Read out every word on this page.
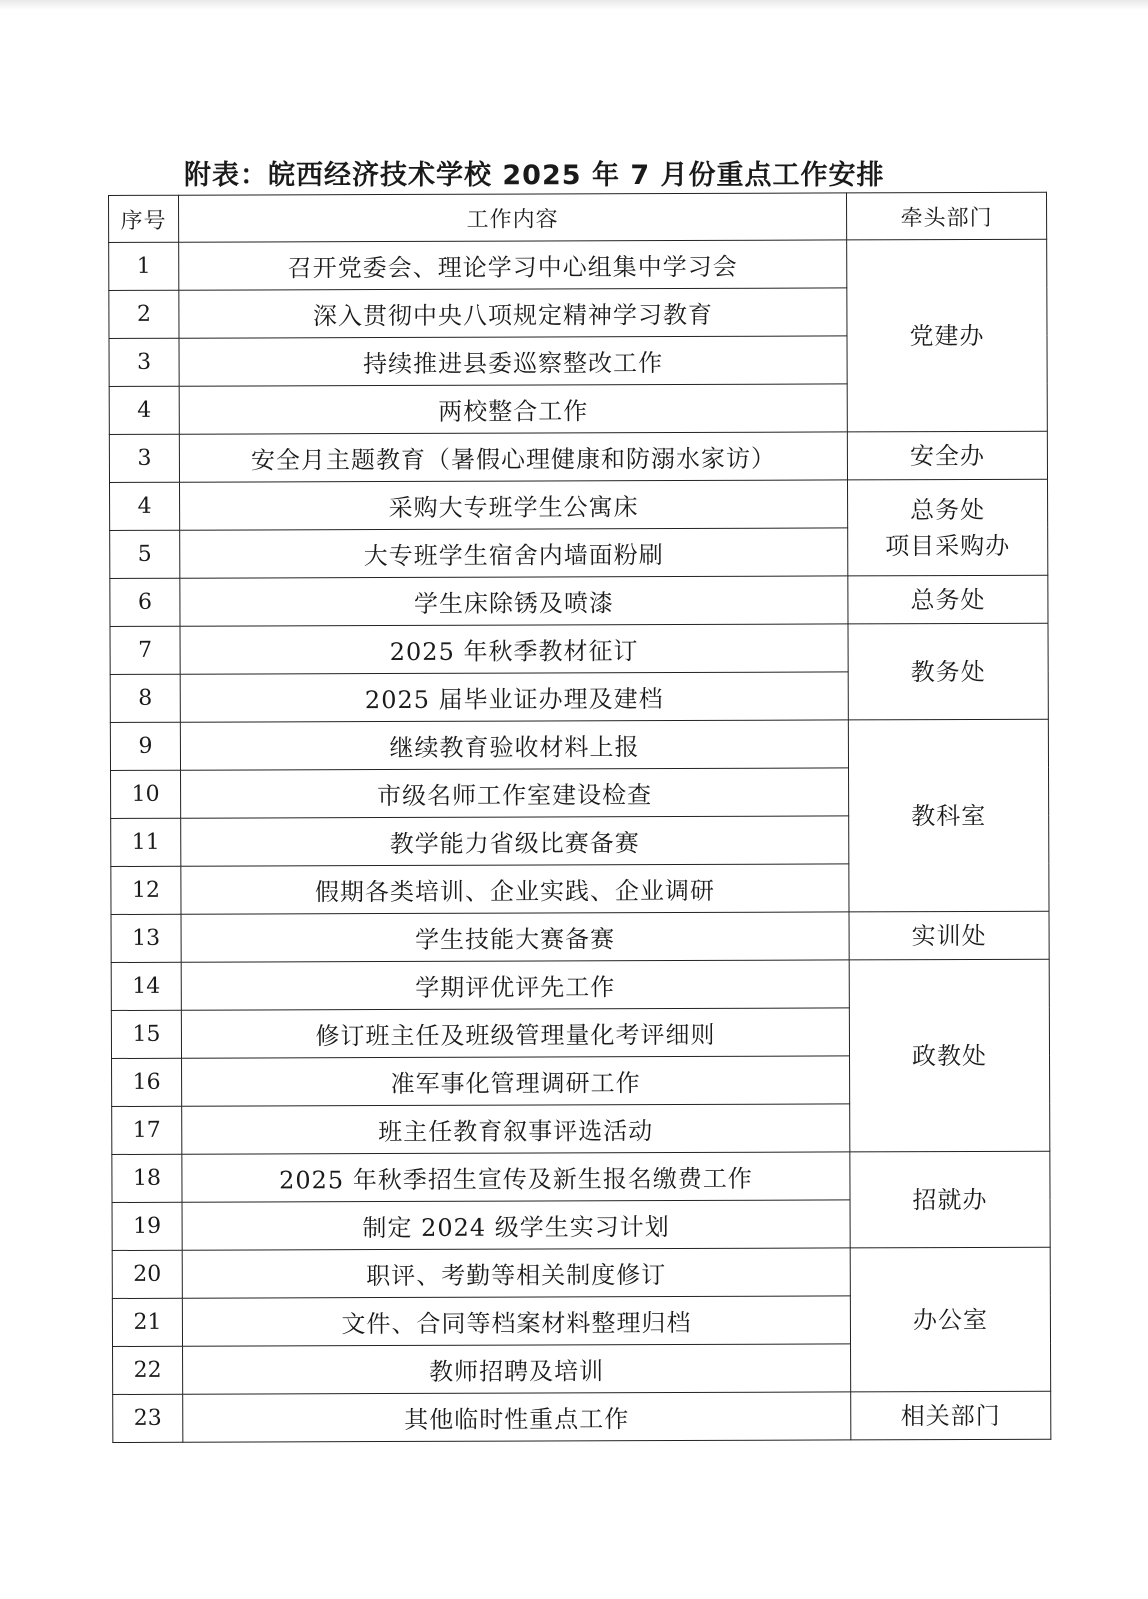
附表：皖西经济技术学校 2025 年 7 月份重点工作安排
序号	工作内容	牵头部门
1	召开党委会、理论学习中心组集中学习会	党建办

2	深入贯彻中央八项规定精神学习教育	
3	持续推进县委巡察整改工作	
4	两校整合工作	
3	安全月主题教育（暑假心理健康和防溺水家访）	安全办

4	采购大专班学生公寓床	总务处
项目采购办

5	大专班学生宿舍内墙面粉刷	
6	学生床除锈及喷漆	总务处

7	2025 年秋季教材征订	教务处

8	2025 届毕业证办理及建档	
9	继续教育验收材料上报	教科室

10	市级名师工作室建设检查	
11	教学能力省级比赛备赛	
12	假期各类培训、企业实践、企业调研	
13	学生技能大赛备赛	实训处

14	学期评优评先工作	政教处

15	修订班主任及班级管理量化考评细则	
16	准军事化管理调研工作	
17	班主任教育叙事评选活动	
18	2025 年秋季招生宣传及新生报名缴费工作	招就办

19	制定 2024 级学生实习计划	
20	职评、考勤等相关制度修订	办公室

21	文件、合同等档案材料整理归档	
22	教师招聘及培训	
23	其他临时性重点工作	相关部门
